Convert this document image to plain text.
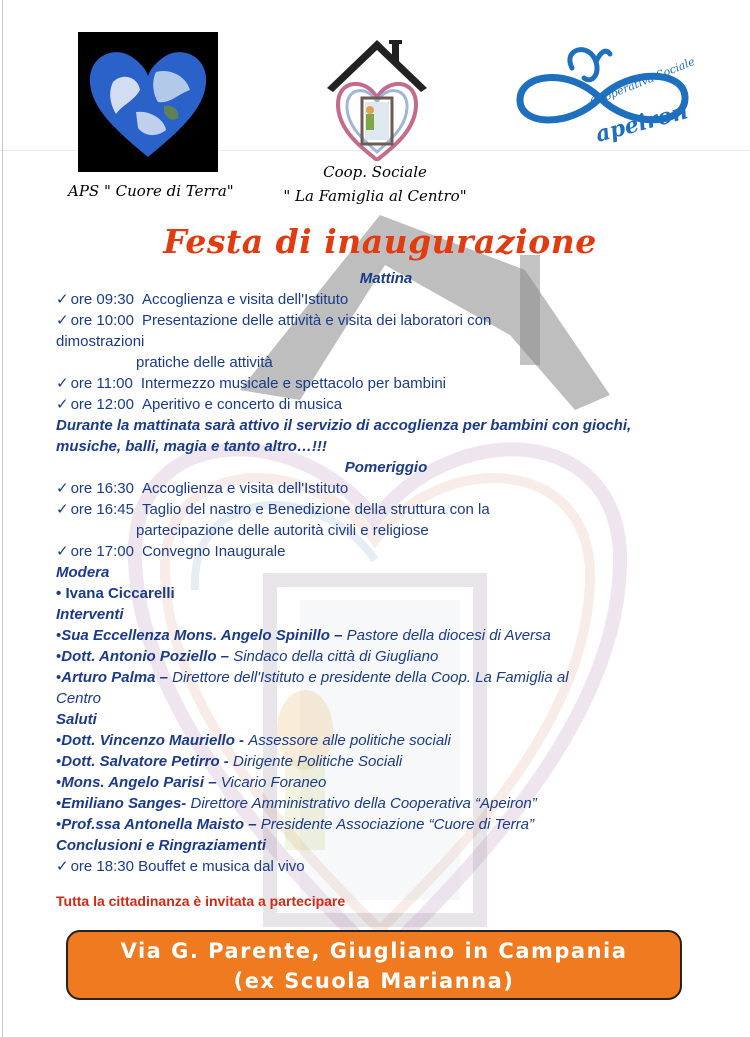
Cooperativa Sociale
apeiron
APS " Cuore di Terra"
Coop. Sociale
" La Famiglia al Centro"
Festa di inaugurazione
Mattina
✓ ore 09:30 Accoglienza e visita dell'Istituto
✓ ore 10:00 Presentazione delle attività e visita dei laboratori con dimostrazioni
pratiche delle attività
✓ ore 11:00 Intermezzo musicale e spettacolo per bambini
✓ ore 12:00 Aperitivo e concerto di musica
Durante la mattinata sarà attivo il servizio di accoglienza per bambini con giochi,
musiche, balli, magia e tanto altro…!!!
Pomeriggio
✓ ore 16:30 Accoglienza e visita dell'Istituto
✓ ore 16:45 Taglio del nastro e Benedizione della struttura con la
partecipazione delle autorità civili e religiose
✓ ore 17:00 Convegno Inaugurale
Modera
• Ivana Ciccarelli
Interventi
•Sua Eccellenza Mons. Angelo Spinillo – Pastore della diocesi di Aversa
•Dott. Antonio Poziello – Sindaco della città di Giugliano
•Arturo Palma – Direttore dell'Istituto e presidente della Coop. La Famiglia al
Centro
Saluti
•Dott. Vincenzo Mauriello - Assessore alle politiche sociali
•Dott. Salvatore Petirro - Dirigente Politiche Sociali
•Mons. Angelo Parisi – Vicario Foraneo
•Emiliano Sanges- Direttore Amministrativo della Cooperativa “Apeiron”
•Prof.ssa Antonella Maisto – Presidente Associazione “Cuore di Terra”
Conclusioni e Ringraziamenti
✓ ore 18:30 Bouffet e musica dal vivo
Tutta la cittadinanza è invitata a partecipare
Via G. Parente, Giugliano in Campania
(ex Scuola Marianna)
